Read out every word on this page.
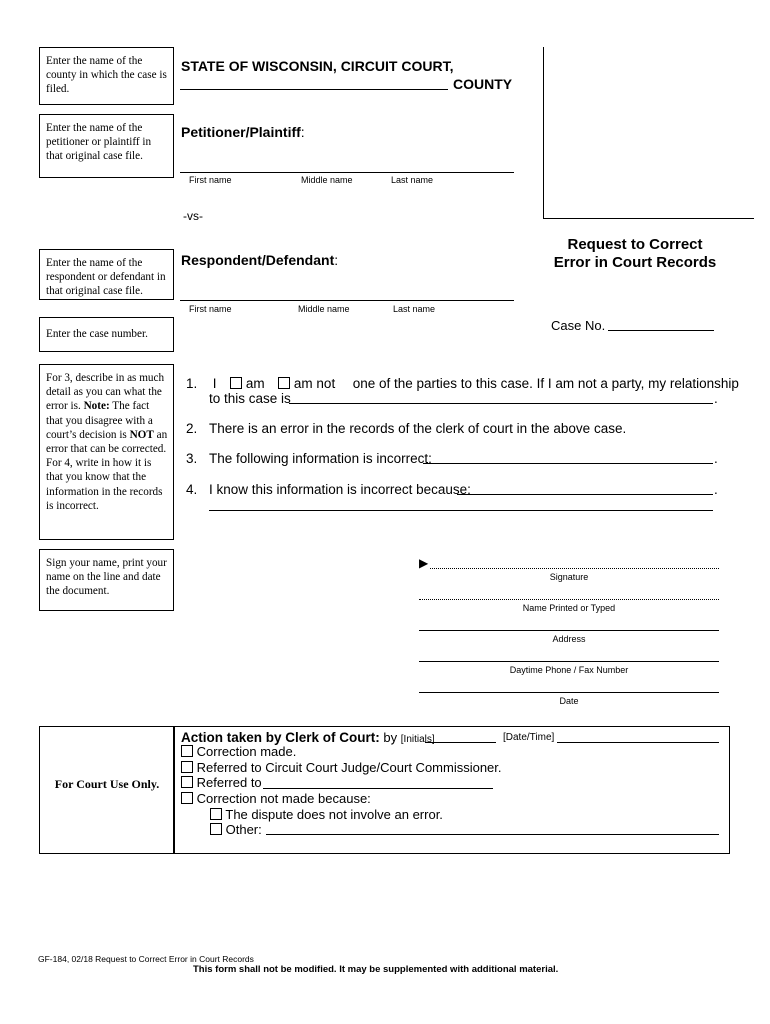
Enter the name of the county in which the case is filed.
Enter the name of the petitioner or plaintiff in that original case file.
Enter the name of the respondent or defendant in that original case file.
Enter the case number.
For 3, describe in as much detail as you can what the error is. Note: The fact that you disagree with a court’s decision is NOT an error that can be corrected.
For 4, write in how it is that you know that the information in the records is incorrect.
Sign your name, print your name on the line and date the document.
For Court Use Only.
STATE OF WISCONSIN, CIRCUIT COURT,
COUNTY
Petitioner/Plaintiff:
First name	Middle name	Last name
-vs-
Respondent/Defendant:
First name	Middle name	Last name
Request to Correct
Error in Court Records
Case No.
1. I am am not one of the parties to this case. If I am not a party, my relationship
to this case is	.
2. There is an error in the records of the clerk of court in the above case.
3. The following information is incorrect:	.
4. I know this information is incorrect because:	.
▶
Signature
Name Printed or Typed
Address
Daytime Phone / Fax Number
Date
Action taken by Clerk of Court: by [Initials]	[Date/Time]
Correction made.
Referred to Circuit Court Judge/Court Commissioner.
Referred to
Correction not made because:
The dispute does not involve an error.
Other:
GF-184, 02/18 Request to Correct Error in Court Records
This form shall not be modified. It may be supplemented with additional material.
